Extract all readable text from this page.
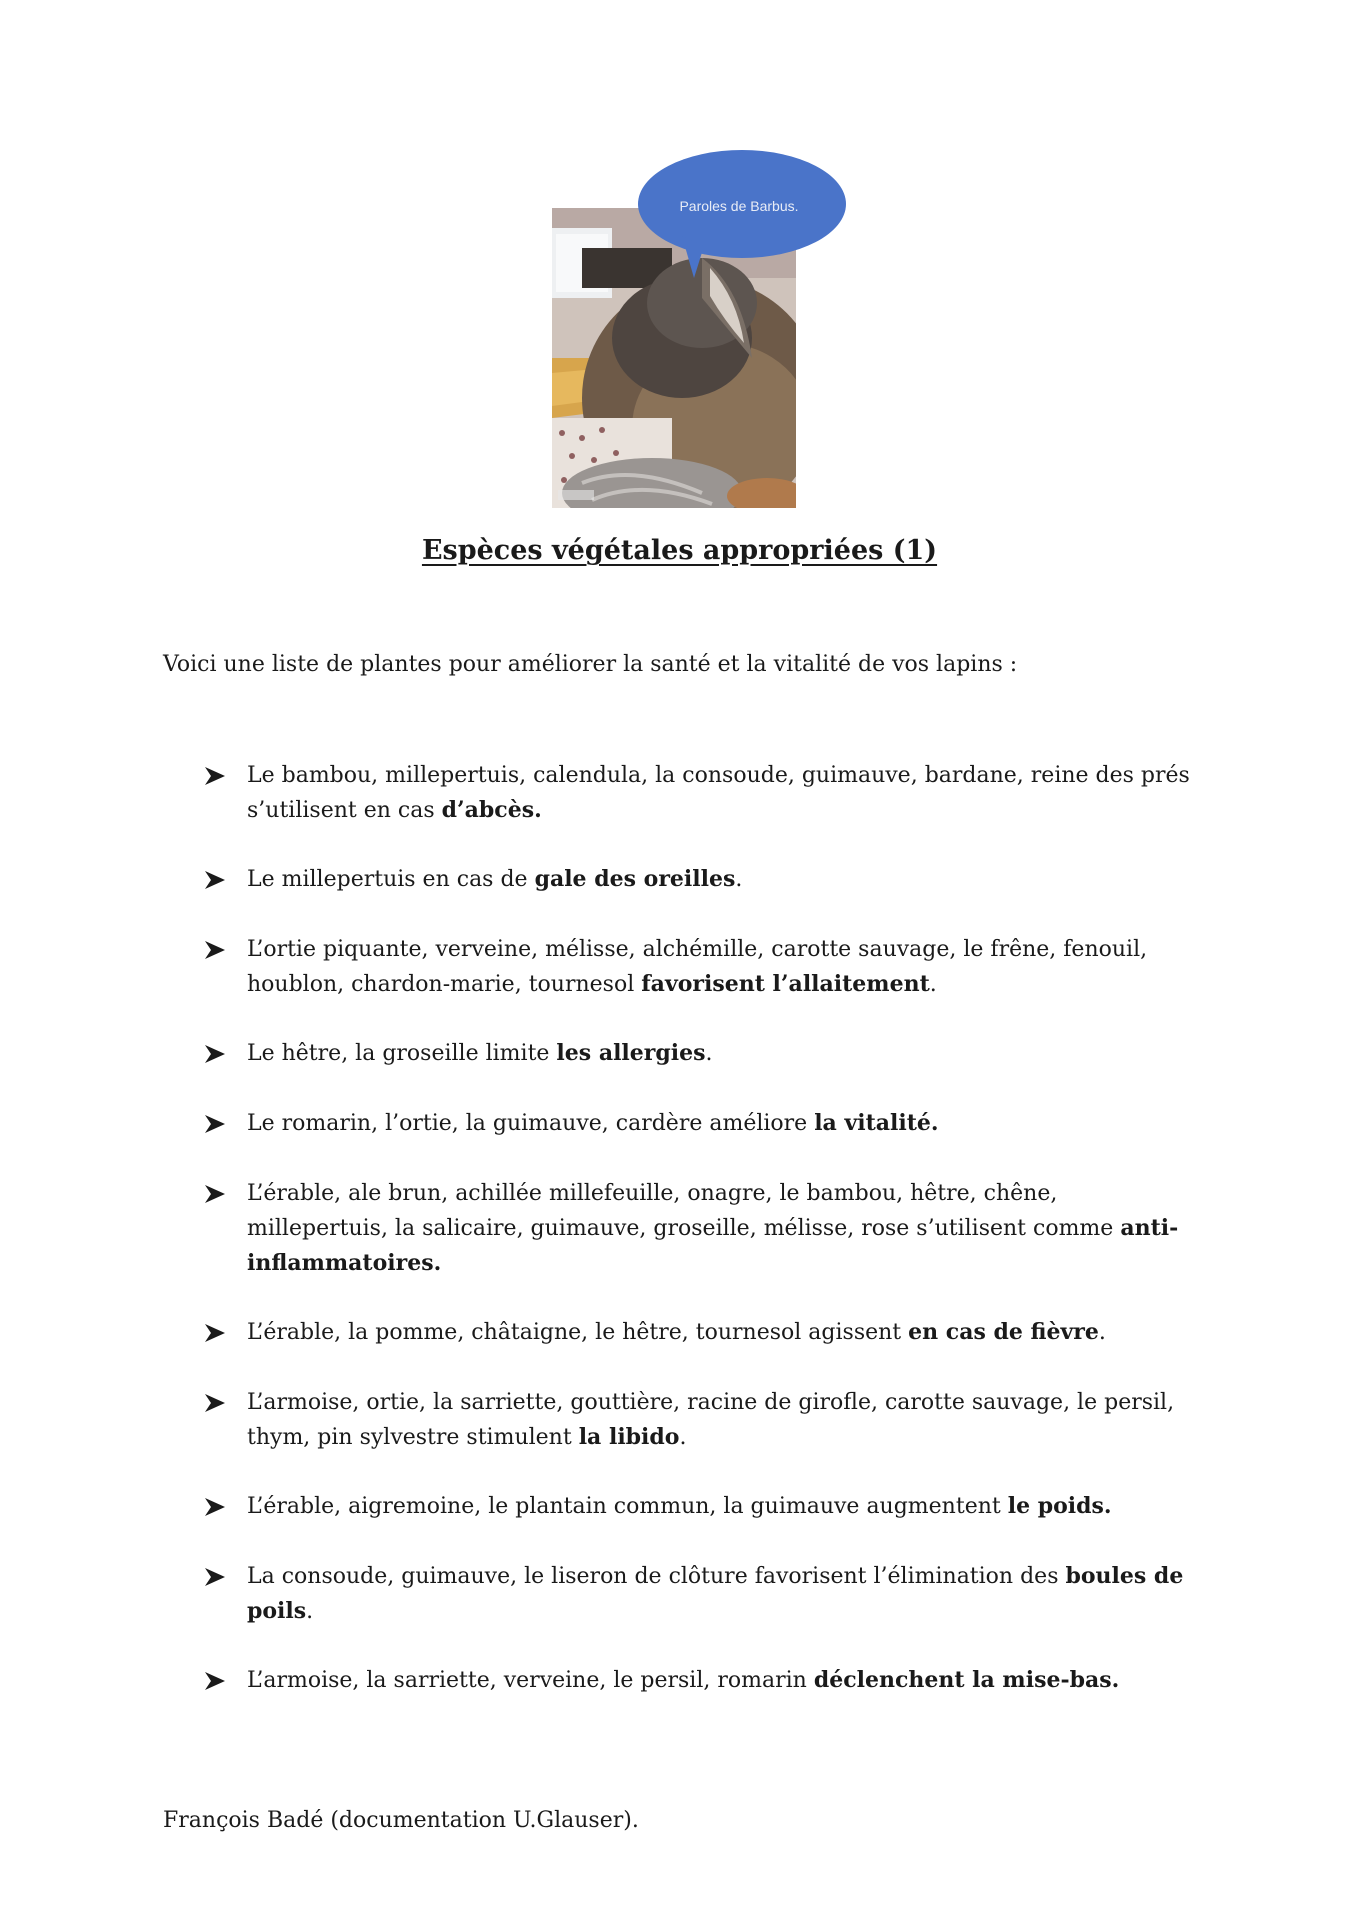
Paroles de Barbus.
Espèces végétales appropriées (1)

Voici une liste de plantes pour améliorer la santé et la vitalité de vos lapins :

Le bambou, millepertuis, calendula, la consoude, guimauve, bardane, reine des prés s’utilisent en cas d’abcès.
Le millepertuis en cas de gale des oreilles.
L’ortie piquante, verveine, mélisse, alchémille, carotte sauvage, le frêne, fenouil, houblon, chardon-marie, tournesol favorisent l’allaitement.
Le hêtre, la groseille limite les allergies.
Le romarin, l’ortie, la guimauve, cardère améliore la vitalité.
L’érable, ale brun, achillée millefeuille, onagre, le bambou, hêtre, chêne, millepertuis, la salicaire, guimauve, groseille, mélisse, rose s’utilisent comme anti-inflammatoires.
L’érable, la pomme, châtaigne, le hêtre, tournesol agissent en cas de fièvre.
L’armoise, ortie, la sarriette, gouttière, racine de girofle, carotte sauvage, le persil, thym, pin sylvestre stimulent la libido.
L’érable, aigremoine, le plantain commun, la guimauve augmentent le poids.
La consoude, guimauve, le liseron de clôture favorisent l’élimination des boules de poils.
L’armoise, la sarriette, verveine, le persil, romarin déclenchent la mise-bas.

François Badé (documentation U.Glauser).
